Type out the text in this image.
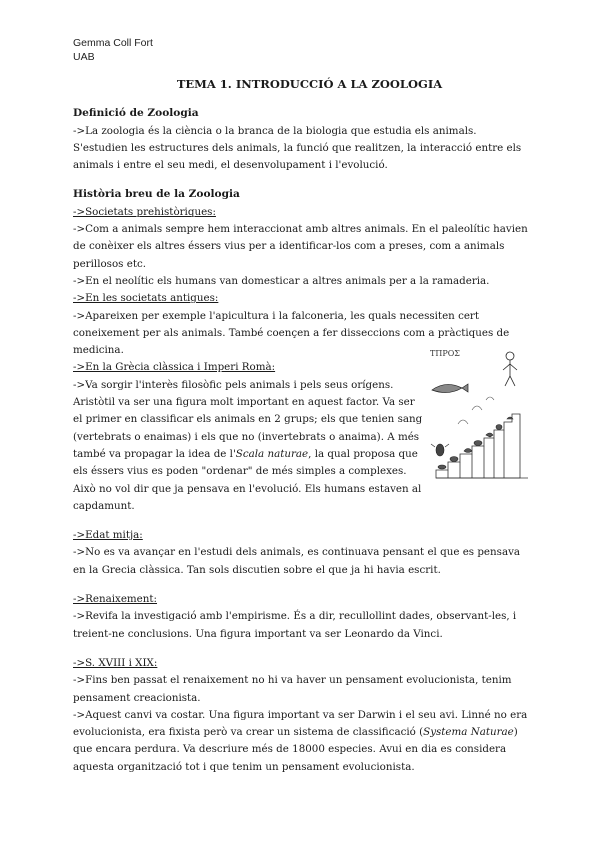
Gemma Coll Fort
UAB
TEMA 1. INTRODUCCIÓ A LA ZOOLOGIA
Definició de Zoologia

->La zoologia és la ciència o la branca de la biologia que estudia els animals. S'estudien les estructures dels animals, la funció que realitzen, la interacció entre els animals i entre el seu medi, el desenvolupament i l'evolució.

Història breu de la Zoologia
->Societats prehistòriques:

->Com a animals sempre hem interaccionat amb altres animals. En el paleolític havien de conèixer els altres éssers vius per a identificar-los com a preses, com a animals perillosos etc.

->En el neolític els humans van domesticar a altres animals per a la ramaderia.

->En les societats antigues:

->Apareixen per exemple l'apicultura i la falconeria, les quals necessiten cert coneixement per als animals. També coençen a fer disseccions com a pràctiques de medicina.

->En la Grècia clàssica i Imperi Romà:

->Va sorgir l'interès filosòfic pels animals i pels seus orígens. Aristòtil va ser una figura molt important en aquest factor. Va ser el primer en classificar els animals en 2 grups; els que tenien sang (vertebrats o enaimas) i els que no (invertebrats o anaima). A més també va propagar la idea de l'Scala naturae, la qual proposa que els éssers vius es poden "ordenar" de més simples a complexes. Això no vol dir que ja pensava en l'evolució. Els humans estaven al capdamunt.

->Edat mitja:

->No es va avançar en l'estudi dels animals, es continuava pensant el que es pensava en la Grecia clàssica. Tan sols discutien sobre el que ja hi havia escrit.

->Renaixement:

->Revifa la investigació amb l'empirisme. És a dir, recullollint dades, observant-les, i treient-ne conclusions. Una figura important va ser Leonardo da Vinci.

->S. XVIII i XIX:

->Fins ben passat el renaixement no hi va haver un pensament evolucionista, tenim pensament creacionista.

->Aquest canvi va costar. Una figura important va ser Darwin i el seu avi. Linné no era evolucionista, era fixista però va crear un sistema de classificació (Systema Naturae) que encara perdura. Va descriure més de 18000 especies. Avui en dia es considera aquesta organització tot i que tenim un pensament evolucionista.

ΤΠΡΟΣ
